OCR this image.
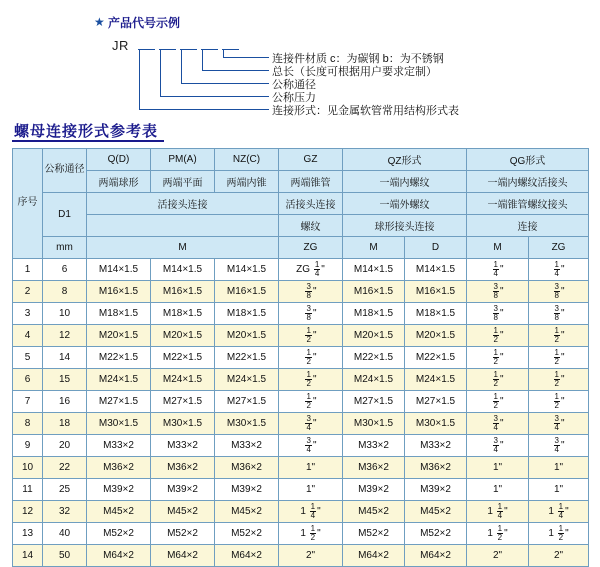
★ 产品代号示例
JR
连接件材质 c：为碳钢 b：为不锈钢
总长（长度可根据用户要求定制）
公称通径
公称压力
连接形式：见金属软管常用结构形式表
螺母连接形式参考表
序号	公称通径	Q(D)	PM(A)	NZ(C)	GZ	QZ形式		QG形式	
		两端球形	两端平面	两端内锥	两端锥管	一端内螺纹		一端内螺纹活接头	
	D1	活接头连接			活接头连接	一端外螺纹		一端锥管螺纹接头	
					螺纹	球形接头连接		连接	
	mm	M			ZG	M	D	M	ZG
1	6	M14×1.5	M14×1.5	M14×1.5	ZG $\frac{1}{4}$ "	M14×1.5	M14×1.5	$\frac{1}{4}$ "	$\frac{1}{4}$ "
2	8	M16×1.5	M16×1.5	M16×1.5	$\frac{3}{8}$ "	M16×1.5	M16×1.5	$\frac{3}{8}$ "	$\frac{3}{8}$ "
3	10	M18×1.5	M18×1.5	M18×1.5	$\frac{3}{8}$ "	M18×1.5	M18×1.5	$\frac{3}{8}$ "	$\frac{3}{8}$ "
4	12	M20×1.5	M20×1.5	M20×1.5	$\frac{1}{2}$ "	M20×1.5	M20×1.5	$\frac{1}{2}$ "	$\frac{1}{2}$ "
5	14	M22×1.5	M22×1.5	M22×1.5	$\frac{1}{2}$ "	M22×1.5	M22×1.5	$\frac{1}{2}$ "	$\frac{1}{2}$ "
6	15	M24×1.5	M24×1.5	M24×1.5	$\frac{1}{2}$ "	M24×1.5	M24×1.5	$\frac{1}{2}$ "	$\frac{1}{2}$ "
7	16	M27×1.5	M27×1.5	M27×1.5	$\frac{1}{2}$ "	M27×1.5	M27×1.5	$\frac{1}{2}$ "	$\frac{1}{2}$ "
8	18	M30×1.5	M30×1.5	M30×1.5	$\frac{3}{4}$ "	M30×1.5	M30×1.5	$\frac{3}{4}$ "	$\frac{3}{4}$ "
9	20	M33×2	M33×2	M33×2	$\frac{3}{4}$ "	M33×2	M33×2	$\frac{3}{4}$ "	$\frac{3}{4}$ "
10	22	M36×2	M36×2	M36×2	1"	M36×2	M36×2	1"	1"
11	25	M39×2	M39×2	M39×2	1"	M39×2	M39×2	1"	1"
12	32	M45×2	M45×2	M45×2	$1 \frac{1}{4}$ "	M45×2	M45×2	$1 \frac{1}{4}$ "	$1 \frac{1}{4}$ "
13	40	M52×2	M52×2	M52×2	$1 \frac{1}{2}$ "	M52×2	M52×2	$1 \frac{1}{2}$ "	$1 \frac{1}{2}$ "
14	50	M64×2	M64×2	M64×2	2"	M64×2	M64×2	2"	2"
